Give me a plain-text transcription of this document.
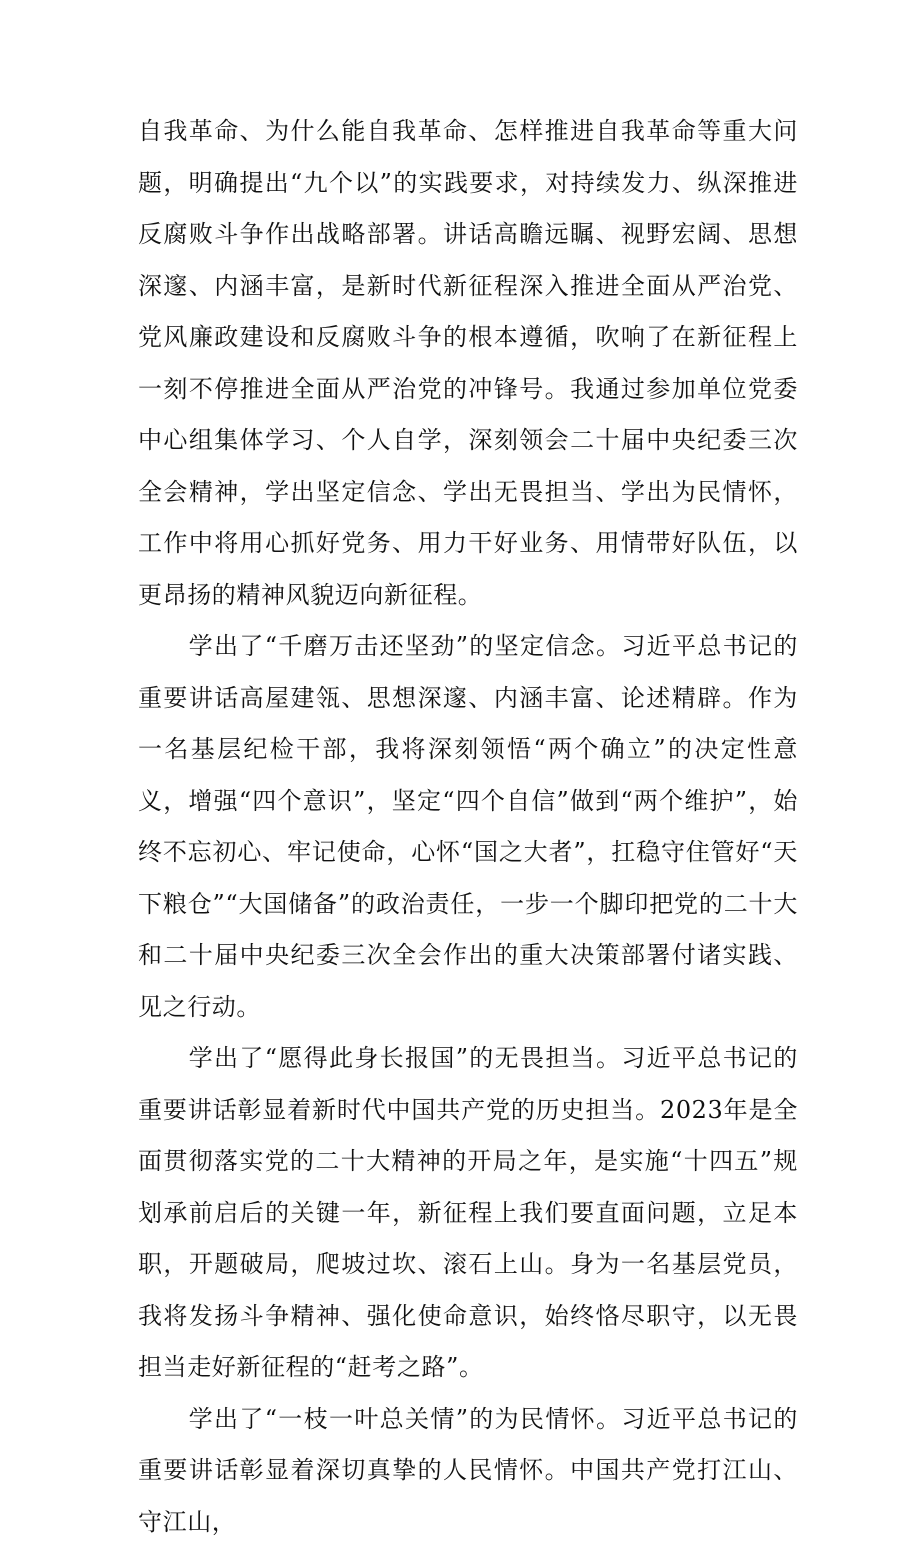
自我革命、为什么能自我革命、怎样推进自我革命等重大问题，明确提出“九个以”的实践要求，对持续发力、纵深推进反腐败斗争作出战略部署。讲话高瞻远瞩、视野宏阔、思想深邃、内涵丰富，是新时代新征程深入推进全面从严治党、党风廉政建设和反腐败斗争的根本遵循，吹响了在新征程上一刻不停推进全面从严治党的冲锋号。我通过参加单位党委中心组集体学习、个人自学，深刻领会二十届中央纪委三次全会精神，学出坚定信念、学出无畏担当、学出为民情怀，工作中将用心抓好党务、用力干好业务、用情带好队伍，以更昂扬的精神风貌迈向新征程。

　　学出了“千磨万击还坚劲”的坚定信念。习近平总书记的重要讲话高屋建瓴、思想深邃、内涵丰富、论述精辟。作为一名基层纪检干部，我将深刻领悟“两个确立”的决定性意义，增强“四个意识”，坚定“四个自信”做到“两个维护”，始终不忘初心、牢记使命，心怀“国之大者”，扛稳守住管好“天下粮仓”“大国储备”的政治责任，一步一个脚印把党的二十大和二十届中央纪委三次全会作出的重大决策部署付诸实践、见之行动。

　　学出了“愿得此身长报国”的无畏担当。习近平总书记的重要讲话彰显着新时代中国共产党的历史担当。2023年是全面贯彻落实党的二十大精神的开局之年，是实施“十四五”规划承前启后的关键一年，新征程上我们要直面问题，立足本职，开题破局，爬坡过坎、滚石上山。身为一名基层党员，我将发扬斗争精神、强化使命意识，始终恪尽职守，以无畏担当走好新征程的“赶考之路”。

　　学出了“一枝一叶总关情”的为民情怀。习近平总书记的重要讲话彰显着深切真挚的人民情怀。中国共产党打江山、守江山，
